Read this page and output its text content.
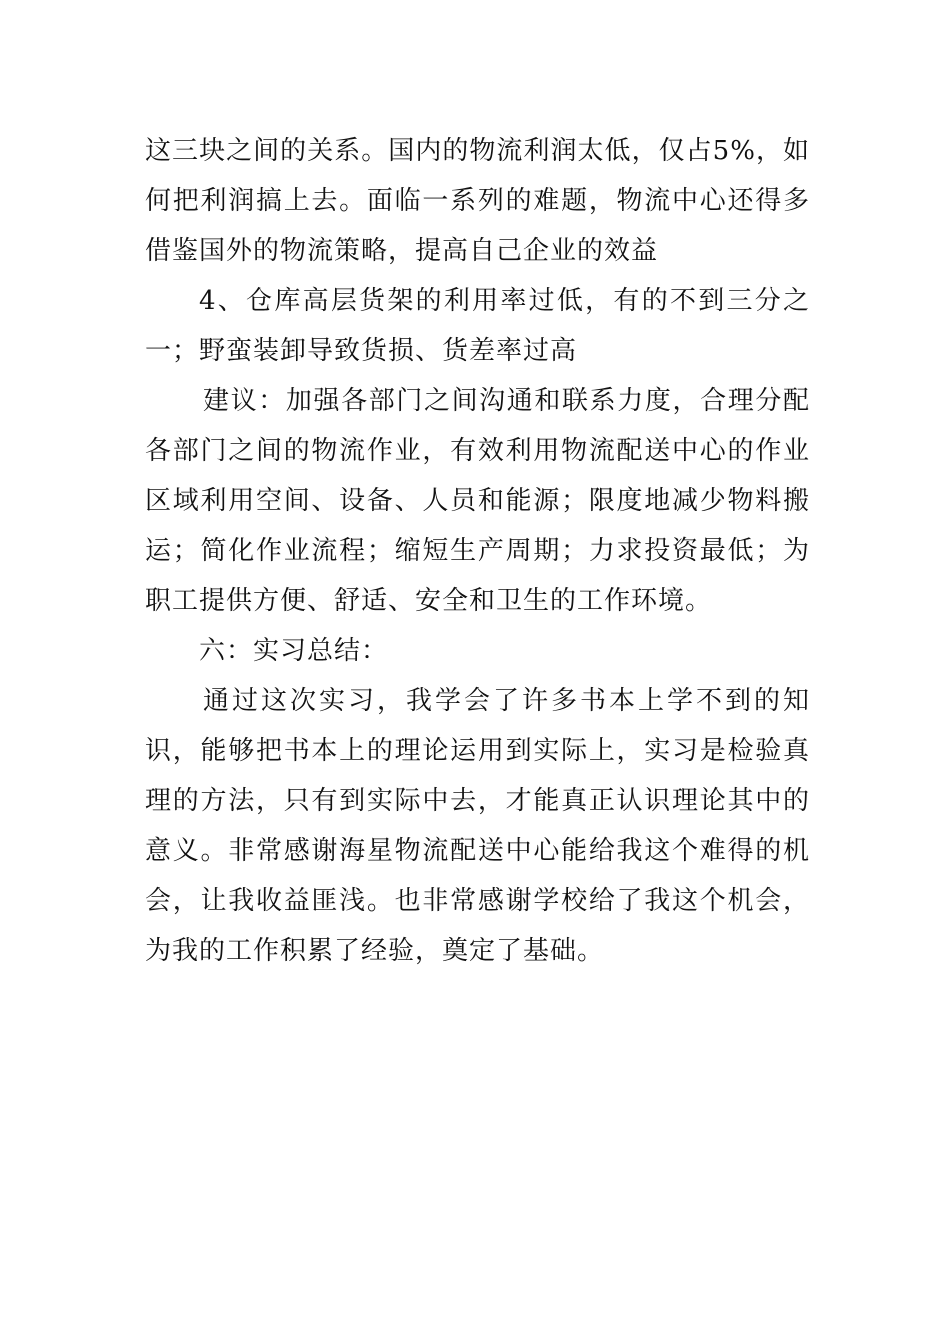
这三块之间的关系。国内的物流利润太低，仅占5%，如何把利润搞上去。面临一系列的难题，物流中心还得多借鉴国外的物流策略，提高自己企业的效益

4、仓库高层货架的利用率过低，有的不到三分之一；野蛮装卸导致货损、货差率过高

建议：加强各部门之间沟通和联系力度，合理分配各部门之间的物流作业，有效利用物流配送中心的作业区域利用空间、设备、人员和能源；限度地减少物料搬运；简化作业流程；缩短生产周期；力求投资最低；为职工提供方便、舒适、安全和卫生的工作环境。

六：实习总结：

通过这次实习，我学会了许多书本上学不到的知识，能够把书本上的理论运用到实际上，实习是检验真理的方法，只有到实际中去，才能真正认识理论其中的意义。非常感谢海星物流配送中心能给我这个难得的机会，让我收益匪浅。也非常感谢学校给了我这个机会，为我的工作积累了经验，奠定了基础。
